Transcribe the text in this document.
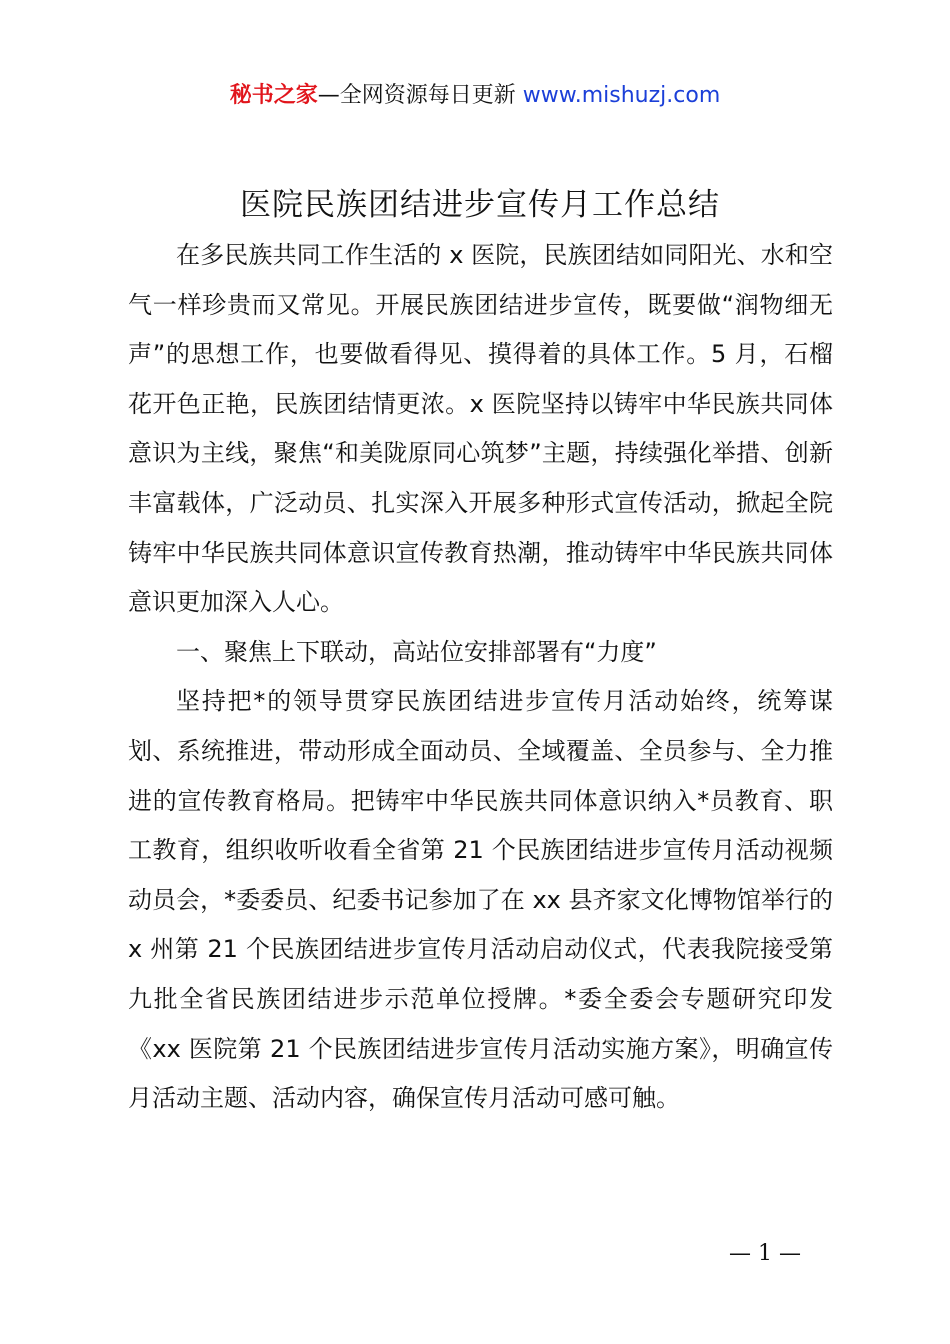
秘书之家—全网资源每日更新 www.mishuzj.com
医院民族团结进步宣传月工作总结

在多民族共同工作生活的 x 医院，民族团结如同阳光、水和空气一样珍贵而又常见。开展民族团结进步宣传，既要做“润物细无声”的思想工作，也要做看得见、摸得着的具体工作。5 月，石榴花开色正艳，民族团结情更浓。x 医院坚持以铸牢中华民族共同体意识为主线，聚焦“和美陇原同心筑梦”主题，持续强化举措、创新丰富载体，广泛动员、扎实深入开展多种形式宣传活动，掀起全院铸牢中华民族共同体意识宣传教育热潮，推动铸牢中华民族共同体意识更加深入人心。

一、聚焦上下联动，高站位安排部署有“力度”

坚持把*的领导贯穿民族团结进步宣传月活动始终，统筹谋划、系统推进，带动形成全面动员、全域覆盖、全员参与、全力推进的宣传教育格局。把铸牢中华民族共同体意识纳入*员教育、职工教育，组织收听收看全省第 21 个民族团结进步宣传月活动视频动员会，*委委员、纪委书记参加了在 xx 县齐家文化博物馆举行的 x 州第 21 个民族团结进步宣传月活动启动仪式，代表我院接受第九批全省民族团结进步示范单位授牌。*委全委会专题研究印发《xx 医院第 21 个民族团结进步宣传月活动实施方案》，明确宣传月活动主题、活动内容，确保宣传月活动可感可触。

— 1 —
